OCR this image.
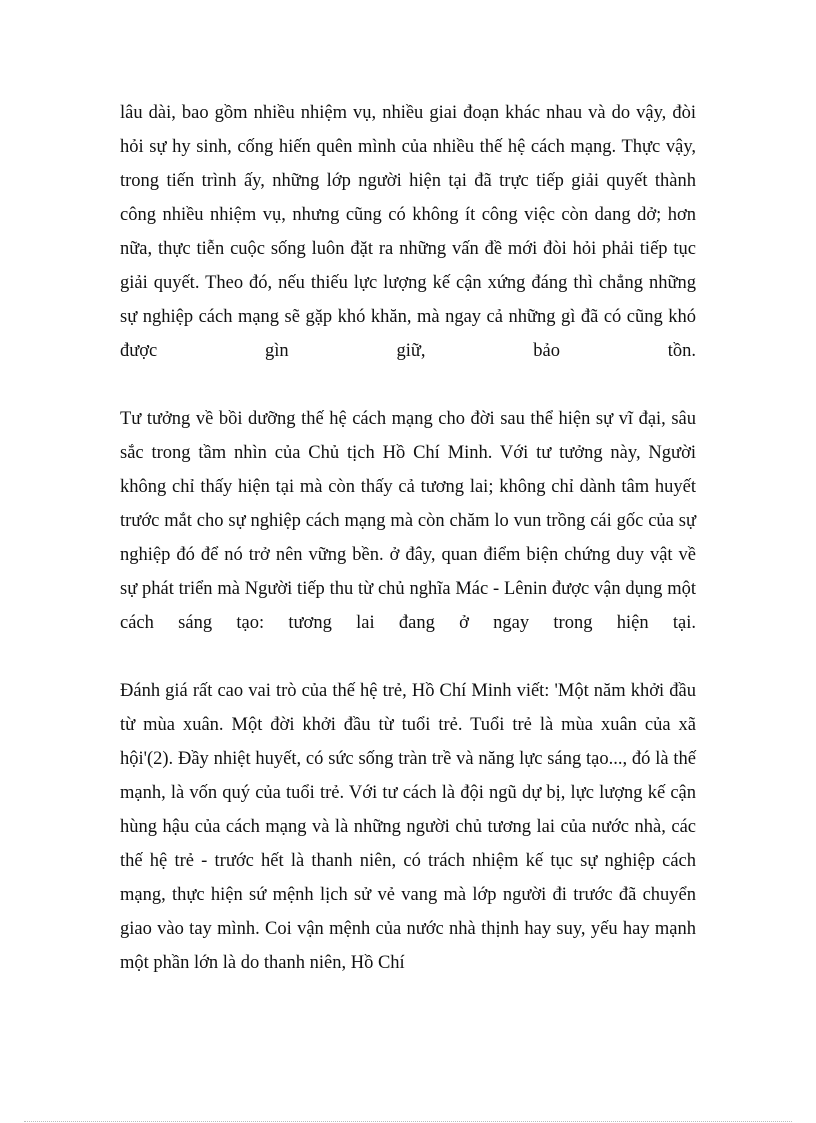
lâu dài, bao gồm nhiều nhiệm vụ, nhiều giai đoạn khác nhau và do vậy, đòi hỏi sự hy sinh, cống hiến quên mình của nhiều thế hệ cách mạng. Thực vậy, trong tiến trình ấy, những lớp người hiện tại đã trực tiếp giải quyết thành công nhiều nhiệm vụ, nhưng cũng có không ít công việc còn dang dở; hơn nữa, thực tiễn cuộc sống luôn đặt ra những vấn đề mới đòi hỏi phải tiếp tục giải quyết. Theo đó, nếu thiếu lực lượng kế cận xứng đáng thì chẳng những sự nghiệp cách mạng sẽ gặp khó khăn, mà ngay cả những gì đã có cũng khó được gìn giữ, bảo tồn.

Tư tưởng về bồi dưỡng thế hệ cách mạng cho đời sau thể hiện sự vĩ đại, sâu sắc trong tầm nhìn của Chủ tịch Hồ Chí Minh. Với tư tưởng này, Người không chỉ thấy hiện tại mà còn thấy cả tương lai; không chỉ dành tâm huyết trước mắt cho sự nghiệp cách mạng mà còn chăm lo vun trồng cái gốc của sự nghiệp đó để nó trở nên vững bền. ở đây, quan điểm biện chứng duy vật về sự phát triển mà Người tiếp thu từ chủ nghĩa Mác - Lênin được vận dụng một cách sáng tạo: tương lai đang ở ngay trong hiện tại.

Đánh giá rất cao vai trò của thế hệ trẻ, Hồ Chí Minh viết: 'Một năm khởi đầu từ mùa xuân. Một đời khởi đầu từ tuổi trẻ. Tuổi trẻ là mùa xuân của xã hội'(2). Đầy nhiệt huyết, có sức sống tràn trề và năng lực sáng tạo..., đó là thế mạnh, là vốn quý của tuổi trẻ. Với tư cách là đội ngũ dự bị, lực lượng kế cận hùng hậu của cách mạng và là những người chủ tương lai của nước nhà, các thế hệ trẻ - trước hết là thanh niên, có trách nhiệm kế tục sự nghiệp cách mạng, thực hiện sứ mệnh lịch sử vẻ vang mà lớp người đi trước đã chuyển giao vào tay mình. Coi vận mệnh của nước nhà thịnh hay suy, yếu hay mạnh một phần lớn là do thanh niên, Hồ Chí
